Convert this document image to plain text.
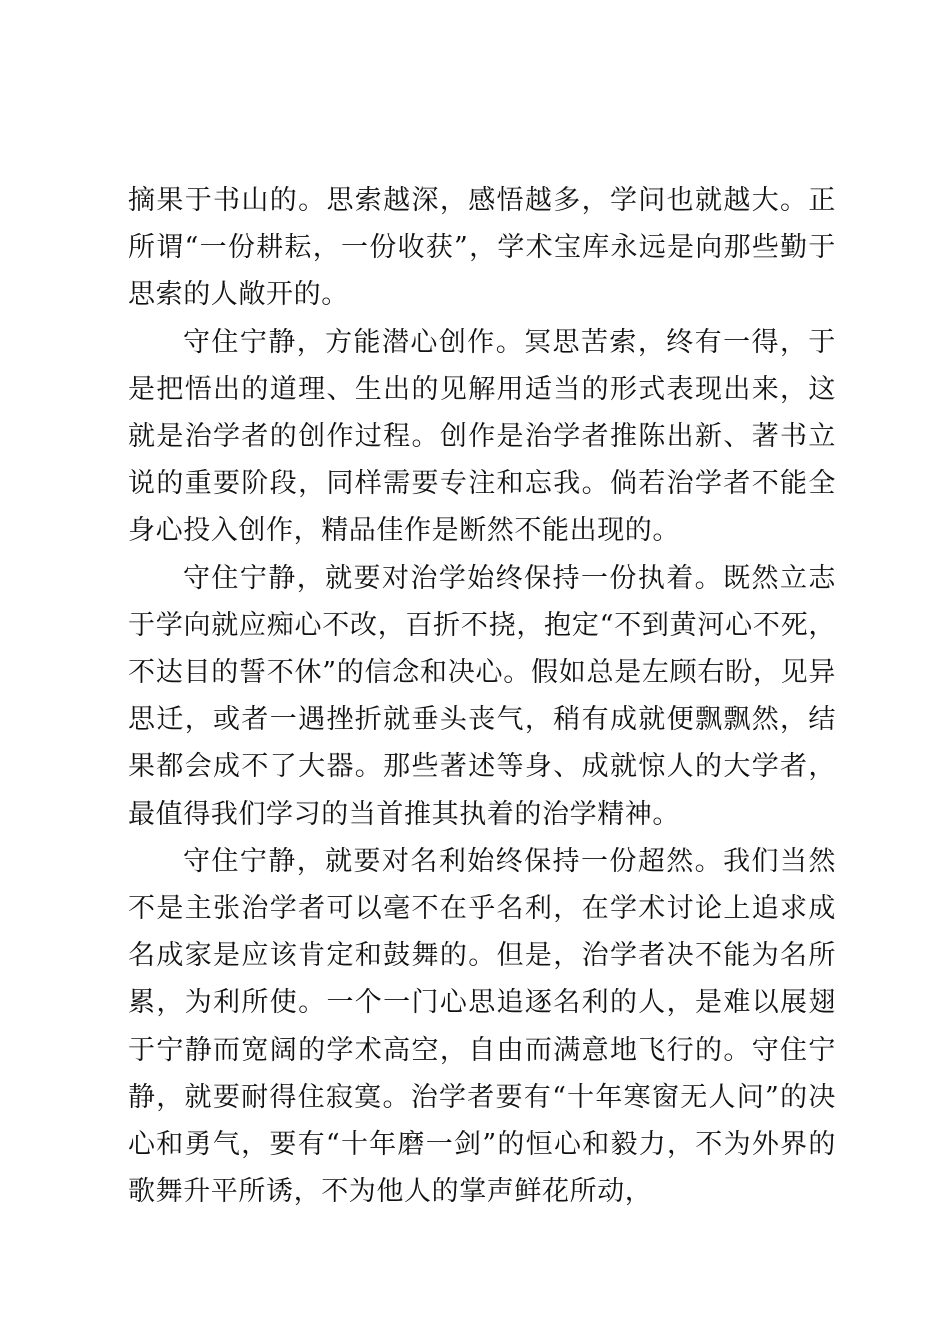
摘果于书山的。思索越深，感悟越多，学问也就越大。正所谓“一份耕耘，一份收获”，学术宝库永远是向那些勤于思索的人敞开的。

守住宁静，方能潜心创作。冥思苦索，终有一得，于是把悟出的道理、生出的见解用适当的形式表现出来，这就是治学者的创作过程。创作是治学者推陈出新、著书立说的重要阶段，同样需要专注和忘我。倘若治学者不能全身心投入创作，精品佳作是断然不能出现的。

守住宁静，就要对治学始终保持一份执着。既然立志于学向就应痴心不改，百折不挠，抱定“不到黄河心不死，不达目的誓不休”的信念和决心。假如总是左顾右盼，见异思迁，或者一遇挫折就垂头丧气，稍有成就便飘飘然，结果都会成不了大器。那些著述等身、成就惊人的大学者，最值得我们学习的当首推其执着的治学精神。

守住宁静，就要对名利始终保持一份超然。我们当然不是主张治学者可以毫不在乎名利，在学术讨论上追求成名成家是应该肯定和鼓舞的。但是，治学者决不能为名所累，为利所使。一个一门心思追逐名利的人，是难以展翅于宁静而宽阔的学术高空，自由而满意地飞行的。守住宁静，就要耐得住寂寞。治学者要有“十年寒窗无人问”的决心和勇气，要有“十年磨一剑”的恒心和毅力，不为外界的歌舞升平所诱，不为他人的掌声鲜花所动，
